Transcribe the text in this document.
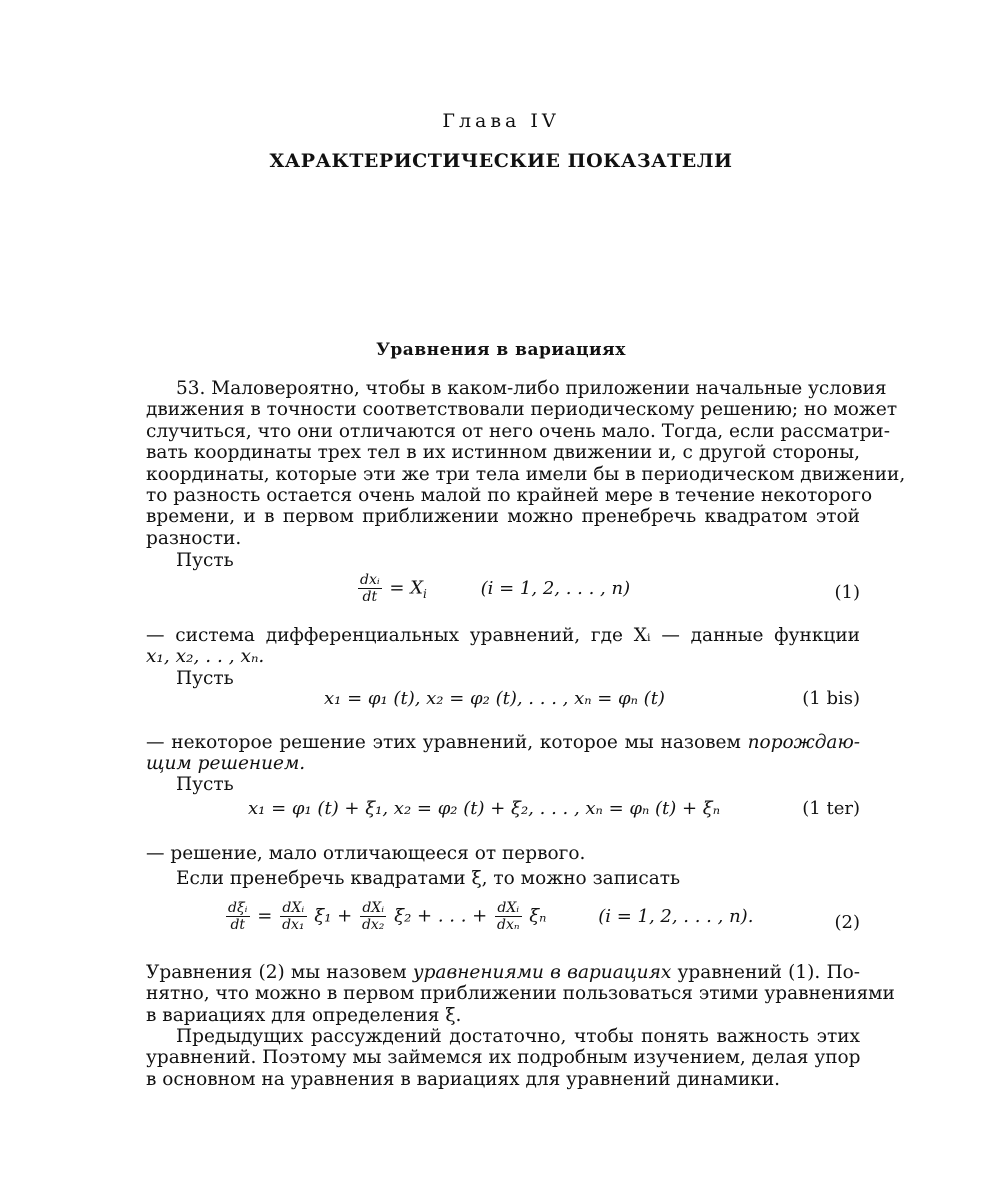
Глава IV
ХАРАКТЕРИСТИЧЕСКИЕ ПОКАЗАТЕЛИ
Уравнения в вариациях
53. Маловероятно, чтобы в каком-либо приложении начальные условия
движения в точности соответствовали периодическому решению; но может
случиться, что они отличаются от него очень мало. Тогда, если рассматри-
вать координаты трех тел в их истинном движении и, с другой стороны,
координаты, которые эти же три тела имели бы в периодическом движении,
то разность остается очень малой по крайней мере в течение некоторого
времени, и в первом приближении можно пренебречь квадратом этой
разности.
Пусть
$\frac{\text{dxᵢ}}{dt} = X_i$	(i = 1, 2, . . . , n)	(1)
— система дифференциальных уравнений, где Xᵢ — данные функции
x₁, x₂, . . , xₙ.
Пусть
x₁ = φ₁ (t), x₂ = φ₂ (t), . . . , xₙ = φₙ (t)	(1 bis)
— некоторое решение этих уравнений, которое мы назовем порождаю-
щим решением.
Пусть
x₁ = φ₁ (t) + ξ₁, x₂ = φ₂ (t) + ξ₂, . . . , xₙ = φₙ (t) + ξₙ	(1 ter)
— решение, мало отличающееся от первого.
Если пренебречь квадратами ξ, то можно записать
$\frac{\text{dξᵢ}}{dt} = \frac{\text{dXᵢ}}{\text{dx₁}} \xi_1 + \frac{\text{dXᵢ}}{\text{dx₂}} \xi_2$ + . . . + $\frac{\text{dXᵢ}}{\text{dxₙ}}$ ξₙ	(i = 1, 2, . . . , n).	(2)
Уравнения (2) мы назовем уравнениями в вариациях уравнений (1). По-
нятно, что можно в первом приближении пользоваться этими уравнениями
в вариациях для определения ξ.
Предыдущих рассуждений достаточно, чтобы понять важность этих
уравнений. Поэтому мы займемся их подробным изучением, делая упор
в основном на уравнения в вариациях для уравнений динамики.
